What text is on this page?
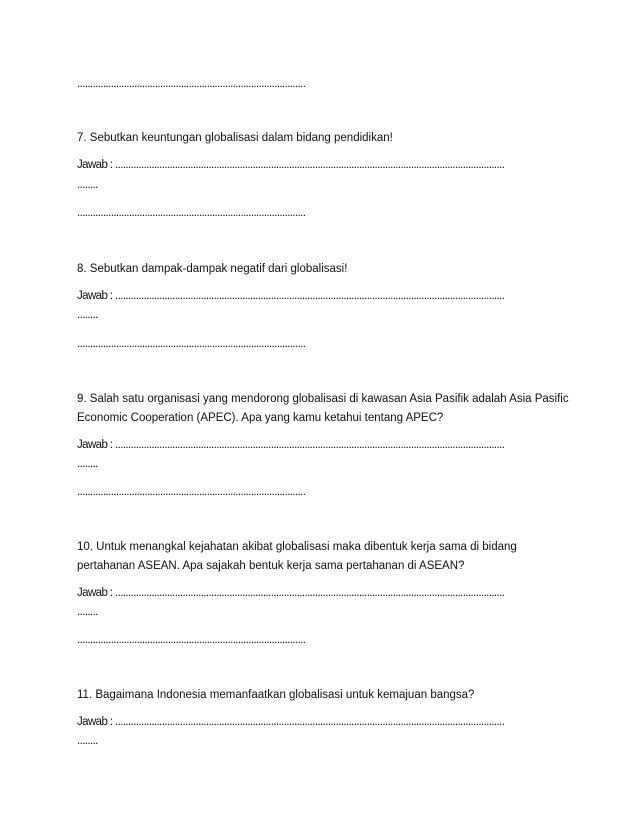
........................................................................................
7. Sebutkan keuntungan globalisasi dalam bidang pendidikan!
Jawab : ......................................................................................................................................................
........
........................................................................................
8. Sebutkan dampak-dampak negatif dari globalisasi!
Jawab : ......................................................................................................................................................
........
........................................................................................
9. Salah satu organisasi yang mendorong globalisasi di kawasan Asia Pasifik adalah Asia Pasific
Economic Cooperation (APEC). Apa yang kamu ketahui tentang APEC?
Jawab : ......................................................................................................................................................
........
........................................................................................
10. Untuk menangkal kejahatan akibat globalisasi maka dibentuk kerja sama di bidang
pertahanan ASEAN. Apa sajakah bentuk kerja sama pertahanan di ASEAN?
Jawab : ......................................................................................................................................................
........
........................................................................................
11. Bagaimana Indonesia memanfaatkan globalisasi untuk kemajuan bangsa?
Jawab : ......................................................................................................................................................
........
